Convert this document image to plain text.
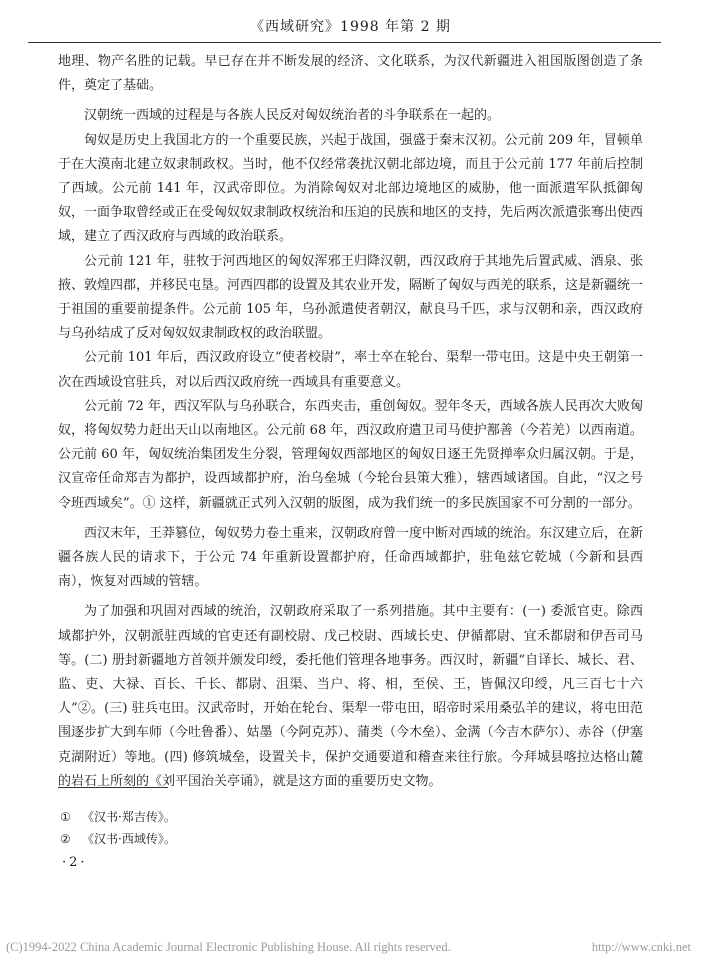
《西域研究》1998 年第 2 期

地理、物产名胜的记载。早已存在并不断发展的经济、文化联系，为汉代新疆进入祖国版图创造了条件，奠定了基础。

汉朝统一西域的过程是与各族人民反对匈奴统治者的斗争联系在一起的。

匈奴是历史上我国北方的一个重要民族，兴起于战国，强盛于秦末汉初。公元前 209 年，冒顿单于在大漠南北建立奴隶制政权。当时，他不仅经常袭扰汉朝北部边境，而且于公元前 177 年前后控制了西域。公元前 141 年，汉武帝即位。为消除匈奴对北部边境地区的威胁，他一面派遣军队抵御匈奴，一面争取曾经或正在受匈奴奴隶制政权统治和压迫的民族和地区的支持，先后两次派遣张骞出使西域，建立了西汉政府与西域的政治联系。

公元前 121 年，驻牧于河西地区的匈奴浑邪王归降汉朝，西汉政府于其地先后置武威、酒泉、张掖、敦煌四郡，并移民屯垦。河西四郡的设置及其农业开发，隔断了匈奴与西羌的联系，这是新疆统一于祖国的重要前提条件。公元前 105 年，乌孙派遣使者朝汉，献良马千匹，求与汉朝和亲，西汉政府与乌孙结成了反对匈奴奴隶制政权的政治联盟。

公元前 101 年后，西汉政府设立“使者校尉”，率士卒在轮台、渠犁一带屯田。这是中央王朝第一次在西域设官驻兵，对以后西汉政府统一西域具有重要意义。

公元前 72 年，西汉军队与乌孙联合，东西夹击，重创匈奴。翌年冬天，西域各族人民再次大败匈奴，将匈奴势力赶出天山以南地区。公元前 68 年，西汉政府遣卫司马使护鄯善（今若羌）以西南道。公元前 60 年，匈奴统治集团发生分裂，管理匈奴西部地区的匈奴日逐王先贤掸率众归属汉朝。于是，汉宣帝任命郑吉为都护，设西域都护府，治乌垒城（今轮台县策大雅），辖西域诸国。自此，“汉之号令班西域矣”。① 这样，新疆就正式列入汉朝的版图，成为我们统一的多民族国家不可分割的一部分。

西汉末年，王莽篡位，匈奴势力卷土重来，汉朝政府曾一度中断对西域的统治。东汉建立后，在新疆各族人民的请求下，于公元 74 年重新设置都护府，任命西域都护，驻龟兹它乾城（今新和县西南），恢复对西域的管辖。

为了加强和巩固对西域的统治，汉朝政府采取了一系列措施。其中主要有：(一) 委派官吏。除西域都护外，汉朝派驻西域的官吏还有副校尉、戊己校尉、西域长史、伊循都尉、宜禾都尉和伊吾司马等。(二) 册封新疆地方首领并颁发印绶，委托他们管理各地事务。西汉时，新疆“自译长、城长、君、监、吏、大禄、百长、千长、都尉、沮渠、当户、将、相，至侯、王，皆佩汉印绶，凡三百七十六人”②。(三) 驻兵屯田。汉武帝时，开始在轮台、渠犁一带屯田，昭帝时采用桑弘羊的建议，将屯田范围逐步扩大到车师（今吐鲁番）、姑墨（今阿克苏）、蒲类（今木垒）、金满（今吉木萨尔）、赤谷（伊塞克湖附近）等地。(四) 修筑城垒，设置关卡，保护交通要道和稽查来往行旅。今拜城县喀拉达格山麓的岩石上所刻的《刘平国治关亭诵》，就是这方面的重要历史文物。

① 《汉书·郑吉传》。
② 《汉书·西域传》。
·2·
(C)1994-2022 China Academic Journal Electronic Publishing House. All rights reserved.	http://www.cnki.net
